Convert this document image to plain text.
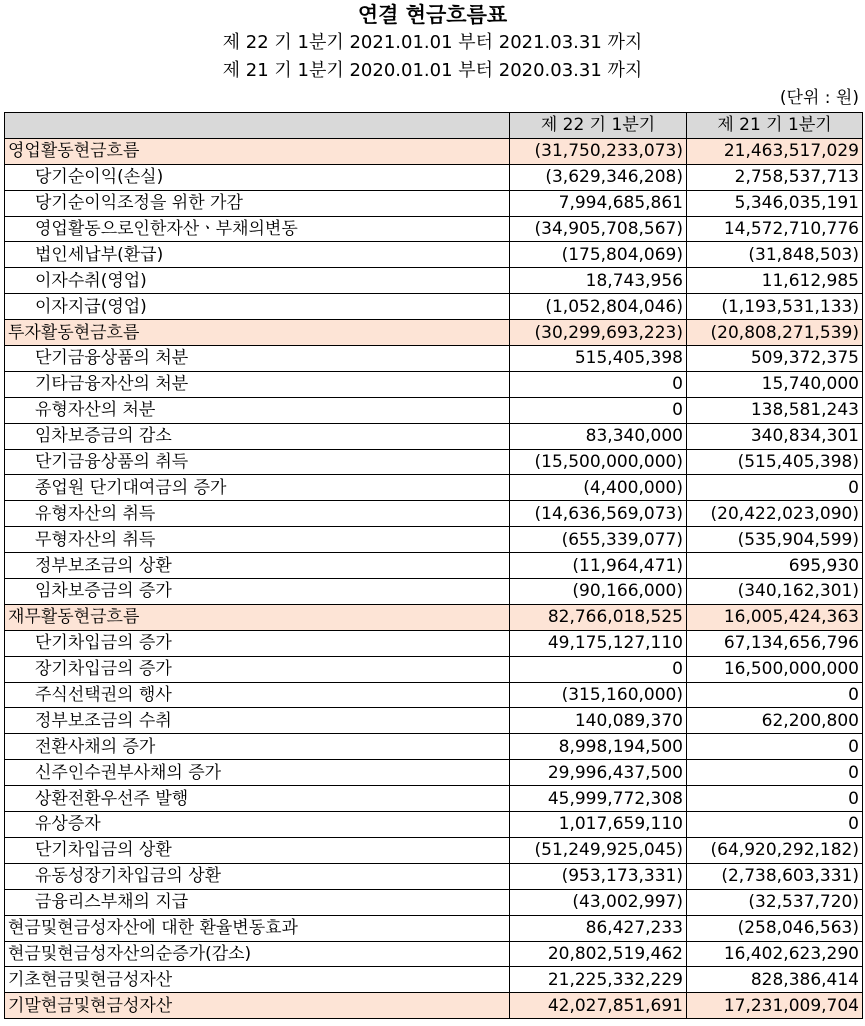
연결 현금흐름표
제 22 기 1분기 2021.01.01 부터 2021.03.31 까지
제 21 기 1분기 2020.01.01 부터 2020.03.31 까지
(단위 : 원)
	제 22 기 1분기	제 21 기 1분기
영업활동현금흐름	(31,750,233,073)	21,463,517,029
당기순이익(손실)	(3,629,346,208)	2,758,537,713
당기순이익조정을 위한 가감	7,994,685,861	5,346,035,191
영업활동으로인한자산ㆍ부채의변동	(34,905,708,567)	14,572,710,776
법인세납부(환급)	(175,804,069)	(31,848,503)
이자수취(영업)	18,743,956	11,612,985
이자지급(영업)	(1,052,804,046)	(1,193,531,133)
투자활동현금흐름	(30,299,693,223)	(20,808,271,539)
단기금융상품의 처분	515,405,398	509,372,375
기타금융자산의 처분	0	15,740,000
유형자산의 처분	0	138,581,243
임차보증금의 감소	83,340,000	340,834,301
단기금융상품의 취득	(15,500,000,000)	(515,405,398)
종업원 단기대여금의 증가	(4,400,000)	0
유형자산의 취득	(14,636,569,073)	(20,422,023,090)
무형자산의 취득	(655,339,077)	(535,904,599)
정부보조금의 상환	(11,964,471)	695,930
임차보증금의 증가	(90,166,000)	(340,162,301)
재무활동현금흐름	82,766,018,525	16,005,424,363
단기차입금의 증가	49,175,127,110	67,134,656,796
장기차입금의 증가	0	16,500,000,000
주식선택권의 행사	(315,160,000)	0
정부보조금의 수취	140,089,370	62,200,800
전환사채의 증가	8,998,194,500	0
신주인수권부사채의 증가	29,996,437,500	0
상환전환우선주 발행	45,999,772,308	0
유상증자	1,017,659,110	0
단기차입금의 상환	(51,249,925,045)	(64,920,292,182)
유동성장기차입금의 상환	(953,173,331)	(2,738,603,331)
금융리스부채의 지급	(43,002,997)	(32,537,720)
현금및현금성자산에 대한 환율변동효과	86,427,233	(258,046,563)
현금및현금성자산의순증가(감소)	20,802,519,462	16,402,623,290
기초현금및현금성자산	21,225,332,229	828,386,414
기말현금및현금성자산	42,027,851,691	17,231,009,704
